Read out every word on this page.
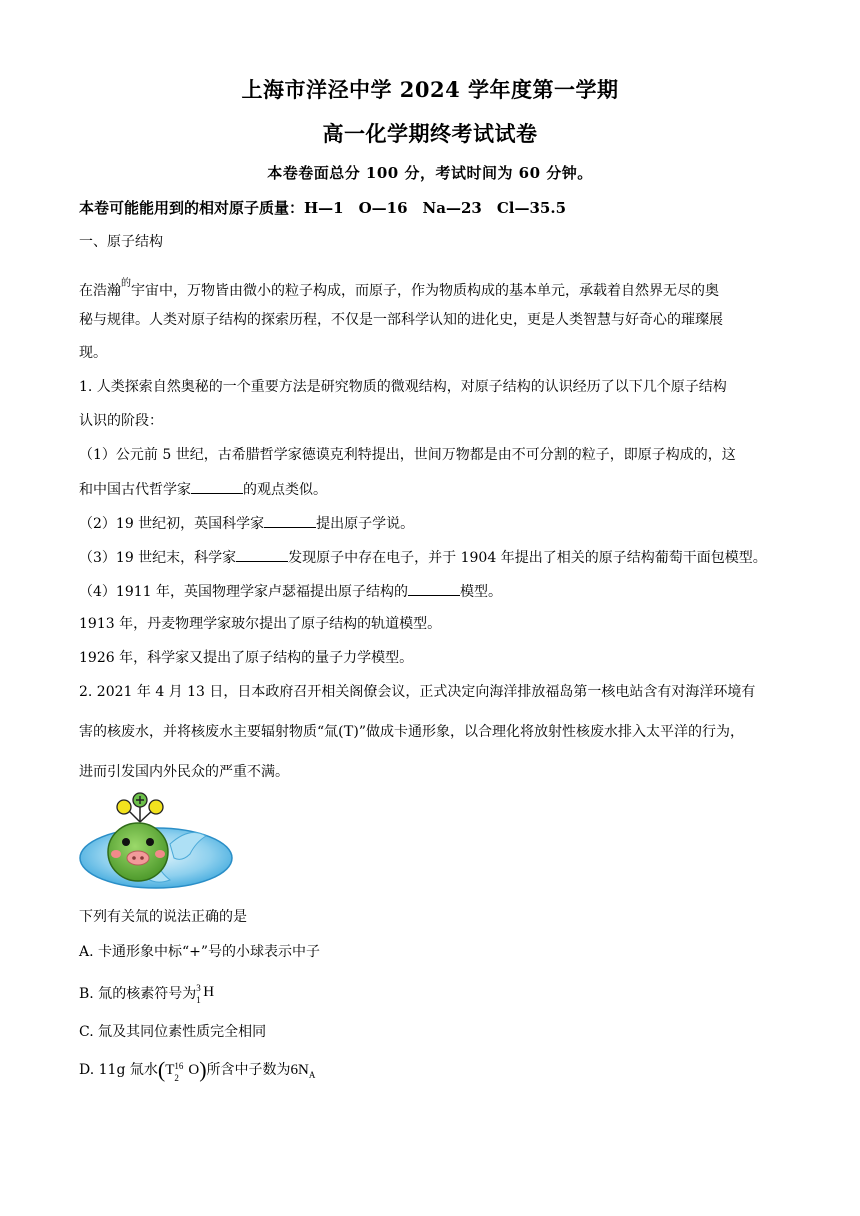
上海市洋泾中学 2024 学年度第一学期
高一化学期终考试试卷
本卷卷面总分 100 分，考试时间为 60 分钟。
本卷可能能用到的相对原子质量：H—1　O—16　Na—23　Cl—35.5
一、原子结构
在浩瀚$^的$宇宙中，万物皆由微小的粒子构成，而原子，作为物质构成的基本单元，承载着自然界无尽的奥
秘与规律。人类对原子结构的探索历程，不仅是一部科学认知的进化史，更是人类智慧与好奇心的璀璨展
现。
1. 人类探索自然奥秘的一个重要方法是研究物质的微观结构，对原子结构的认识经历了以下几个原子结构
认识的阶段：
（1）公元前 5 世纪，古希腊哲学家德谟克利特提出，世间万物都是由不可分割的粒子，即原子构成的，这
和中国古代哲学家	的观点类似。
（2）19 世纪初，英国科学家	提出原子学说。
（3）19 世纪末，科学家	发现原子中存在电子，并于 1904 年提出了相关的原子结构葡萄干面包模型。
（4）1911 年，英国物理学家卢瑟福提出原子结构的	模型。
1913 年，丹麦物理学家玻尔提出了原子结构的轨道模型。
1926 年，科学家又提出了原子结构的量子力学模型。
2. 2021 年 4 月 13 日，日本政府召开相关阁僚会议，正式决定向海洋排放福岛第一核电站含有对海洋环境有
害的核废水，并将核废水主要辐射物质“氚(T)”做成卡通形象，以合理化将放射性核废水排入太平洋的行为，
进而引发国内外民众的严重不满。
下列有关氚的说法正确的是
A. 卡通形象中标“+”号的小球表示中子
B. 氚的核素符号为 3
1 H
C. 氚及其同位素性质完全相同
D. 11g 氚水(T 16
2 O)所含中子数为$6N_A$
